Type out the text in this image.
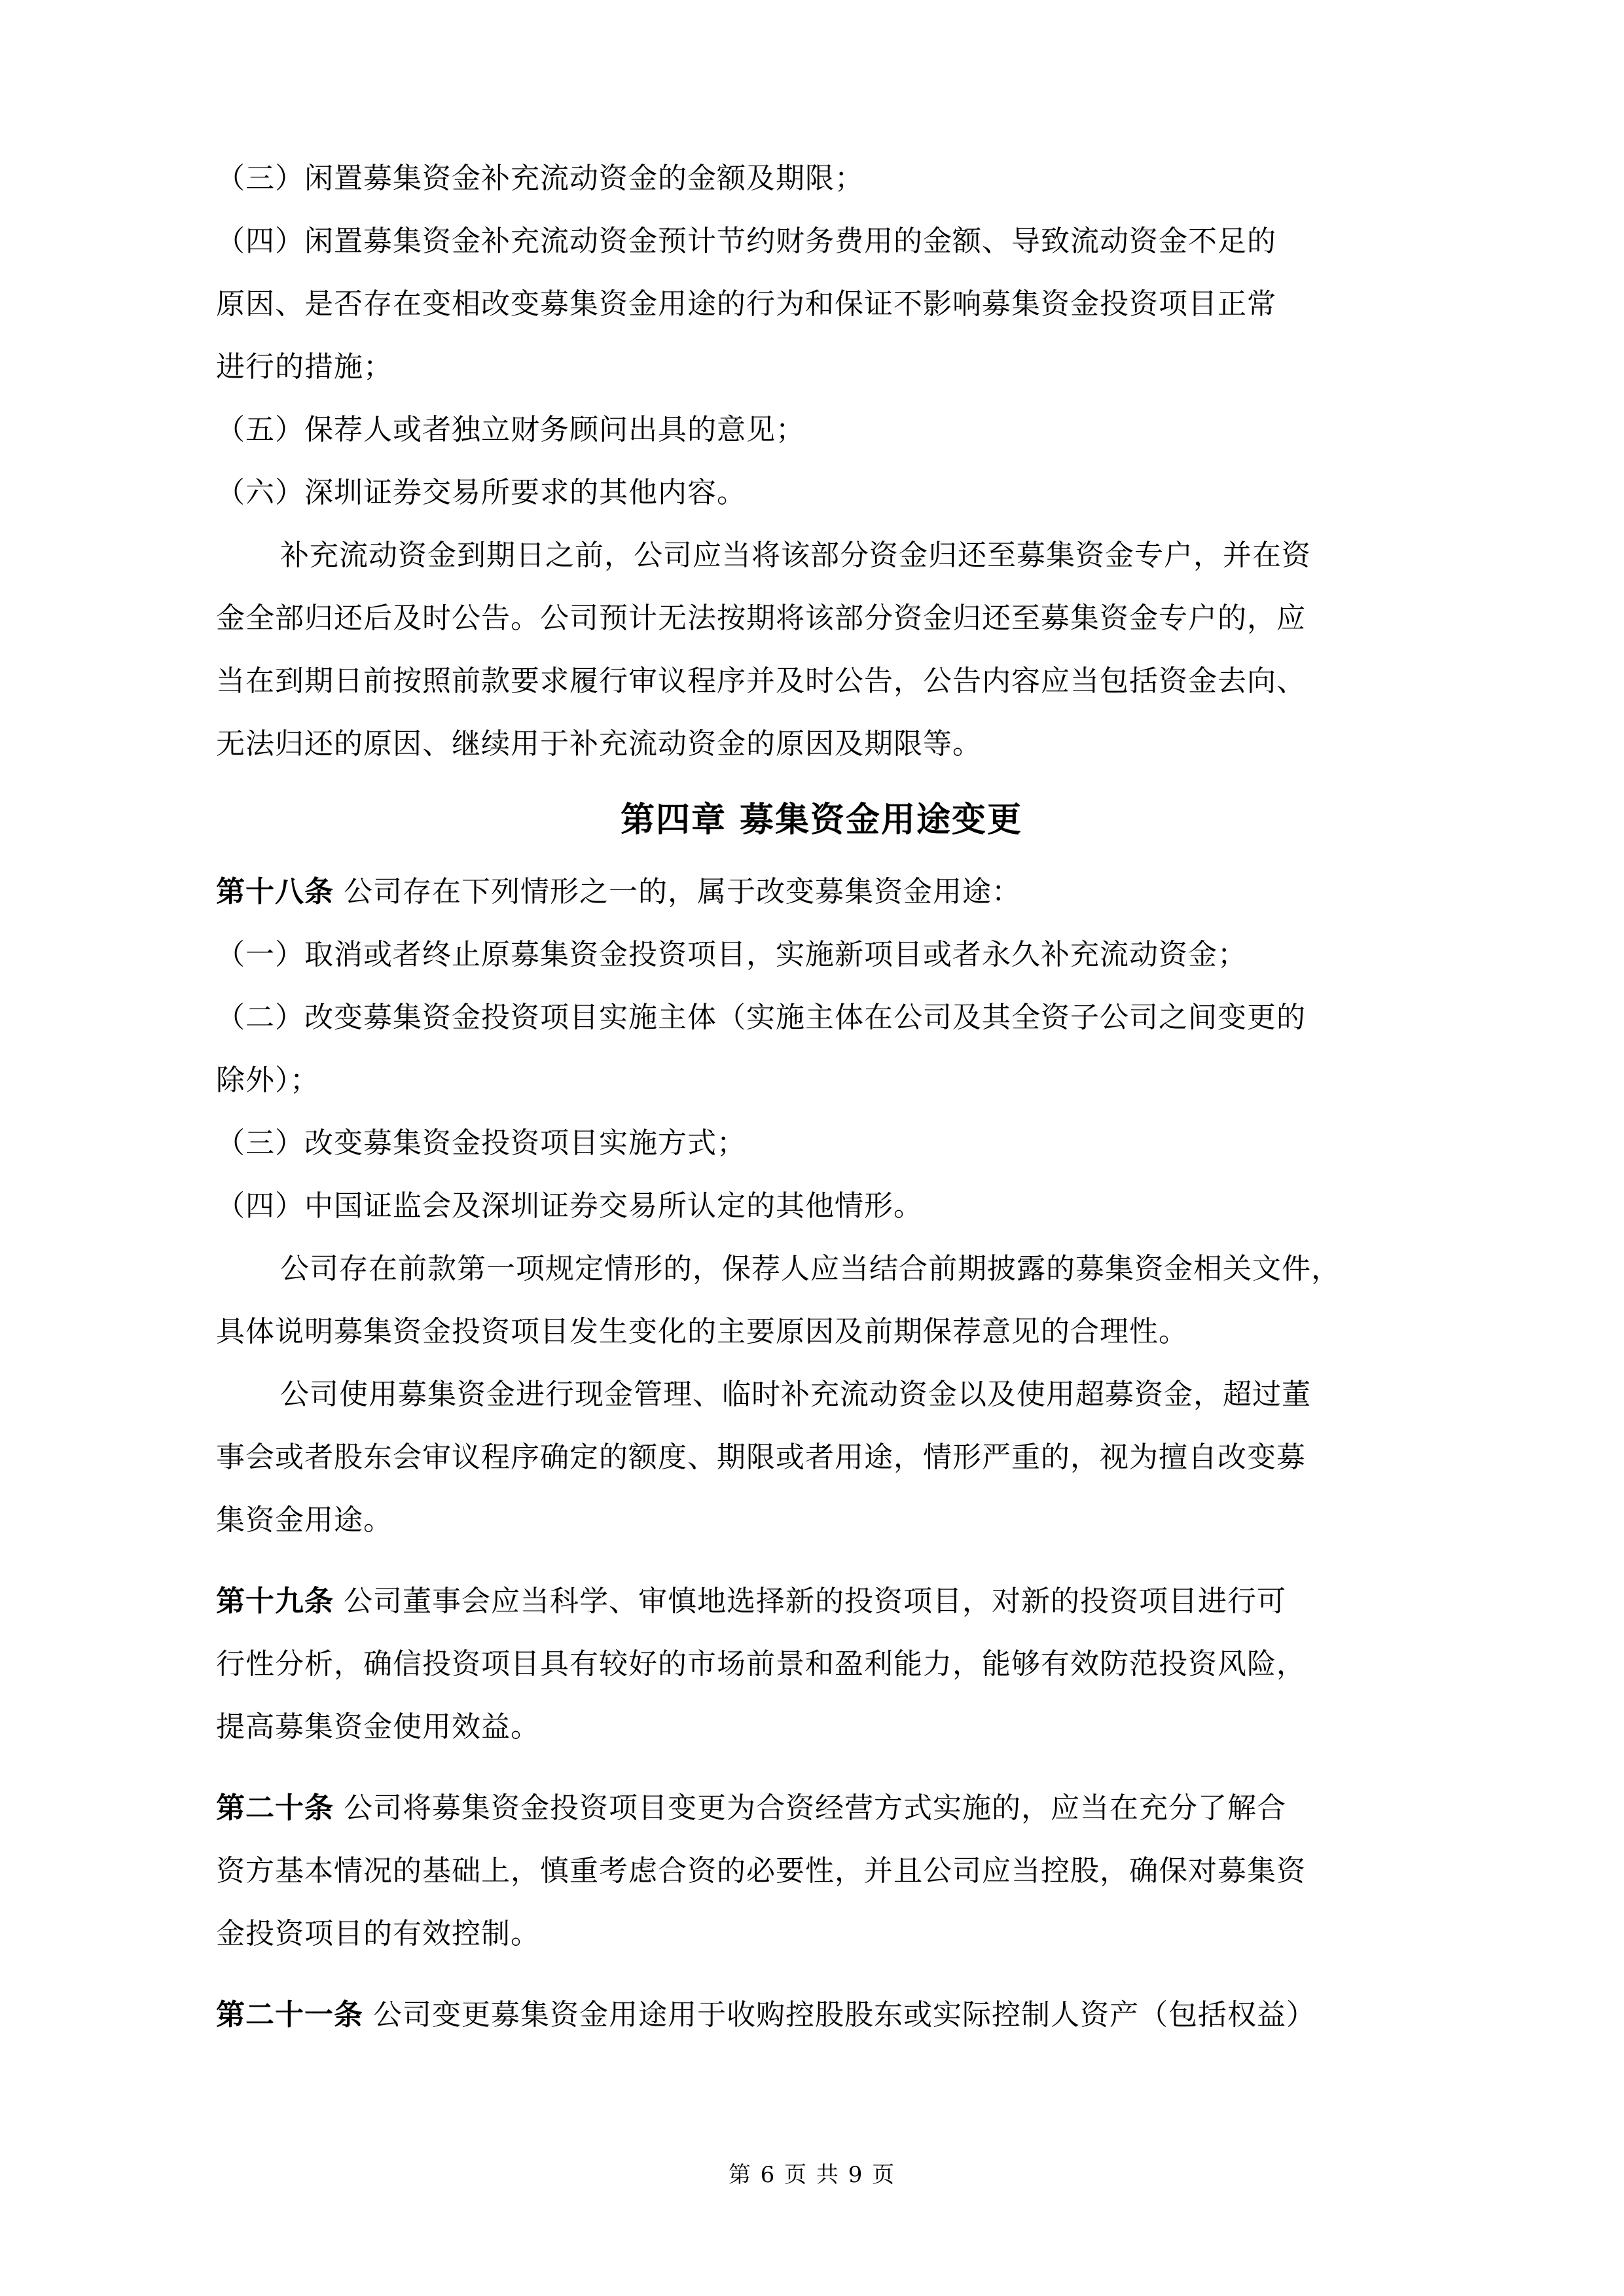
（三）闲置募集资金补充流动资金的金额及期限；
（四）闲置募集资金补充流动资金预计节约财务费用的金额、导致流动资金不足的
原因、是否存在变相改变募集资金用途的行为和保证不影响募集资金投资项目正常
进行的措施；
（五）保荐人或者独立财务顾问出具的意见；
（六）深圳证券交易所要求的其他内容。
补充流动资金到期日之前，公司应当将该部分资金归还至募集资金专户，并在资
金全部归还后及时公告。公司预计无法按期将该部分资金归还至募集资金专户的，应
当在到期日前按照前款要求履行审议程序并及时公告，公告内容应当包括资金去向、
无法归还的原因、继续用于补充流动资金的原因及期限等。
第四章 募集资金用途变更
第十八条 公司存在下列情形之一的，属于改变募集资金用途：
（一）取消或者终止原募集资金投资项目，实施新项目或者永久补充流动资金；
（二）改变募集资金投资项目实施主体（实施主体在公司及其全资子公司之间变更的
除外）；
（三）改变募集资金投资项目实施方式；
（四）中国证监会及深圳证券交易所认定的其他情形。
公司存在前款第一项规定情形的，保荐人应当结合前期披露的募集资金相关文件，
具体说明募集资金投资项目发生变化的主要原因及前期保荐意见的合理性。
公司使用募集资金进行现金管理、临时补充流动资金以及使用超募资金，超过董
事会或者股东会审议程序确定的额度、期限或者用途，情形严重的，视为擅自改变募
集资金用途。
第十九条 公司董事会应当科学、审慎地选择新的投资项目，对新的投资项目进行可
行性分析，确信投资项目具有较好的市场前景和盈利能力，能够有效防范投资风险，
提高募集资金使用效益。
第二十条 公司将募集资金投资项目变更为合资经营方式实施的，应当在充分了解合
资方基本情况的基础上，慎重考虑合资的必要性，并且公司应当控股，确保对募集资
金投资项目的有效控制。
第二十一条 公司变更募集资金用途用于收购控股股东或实际控制人资产（包括权益）
第 6 页 共 9 页
